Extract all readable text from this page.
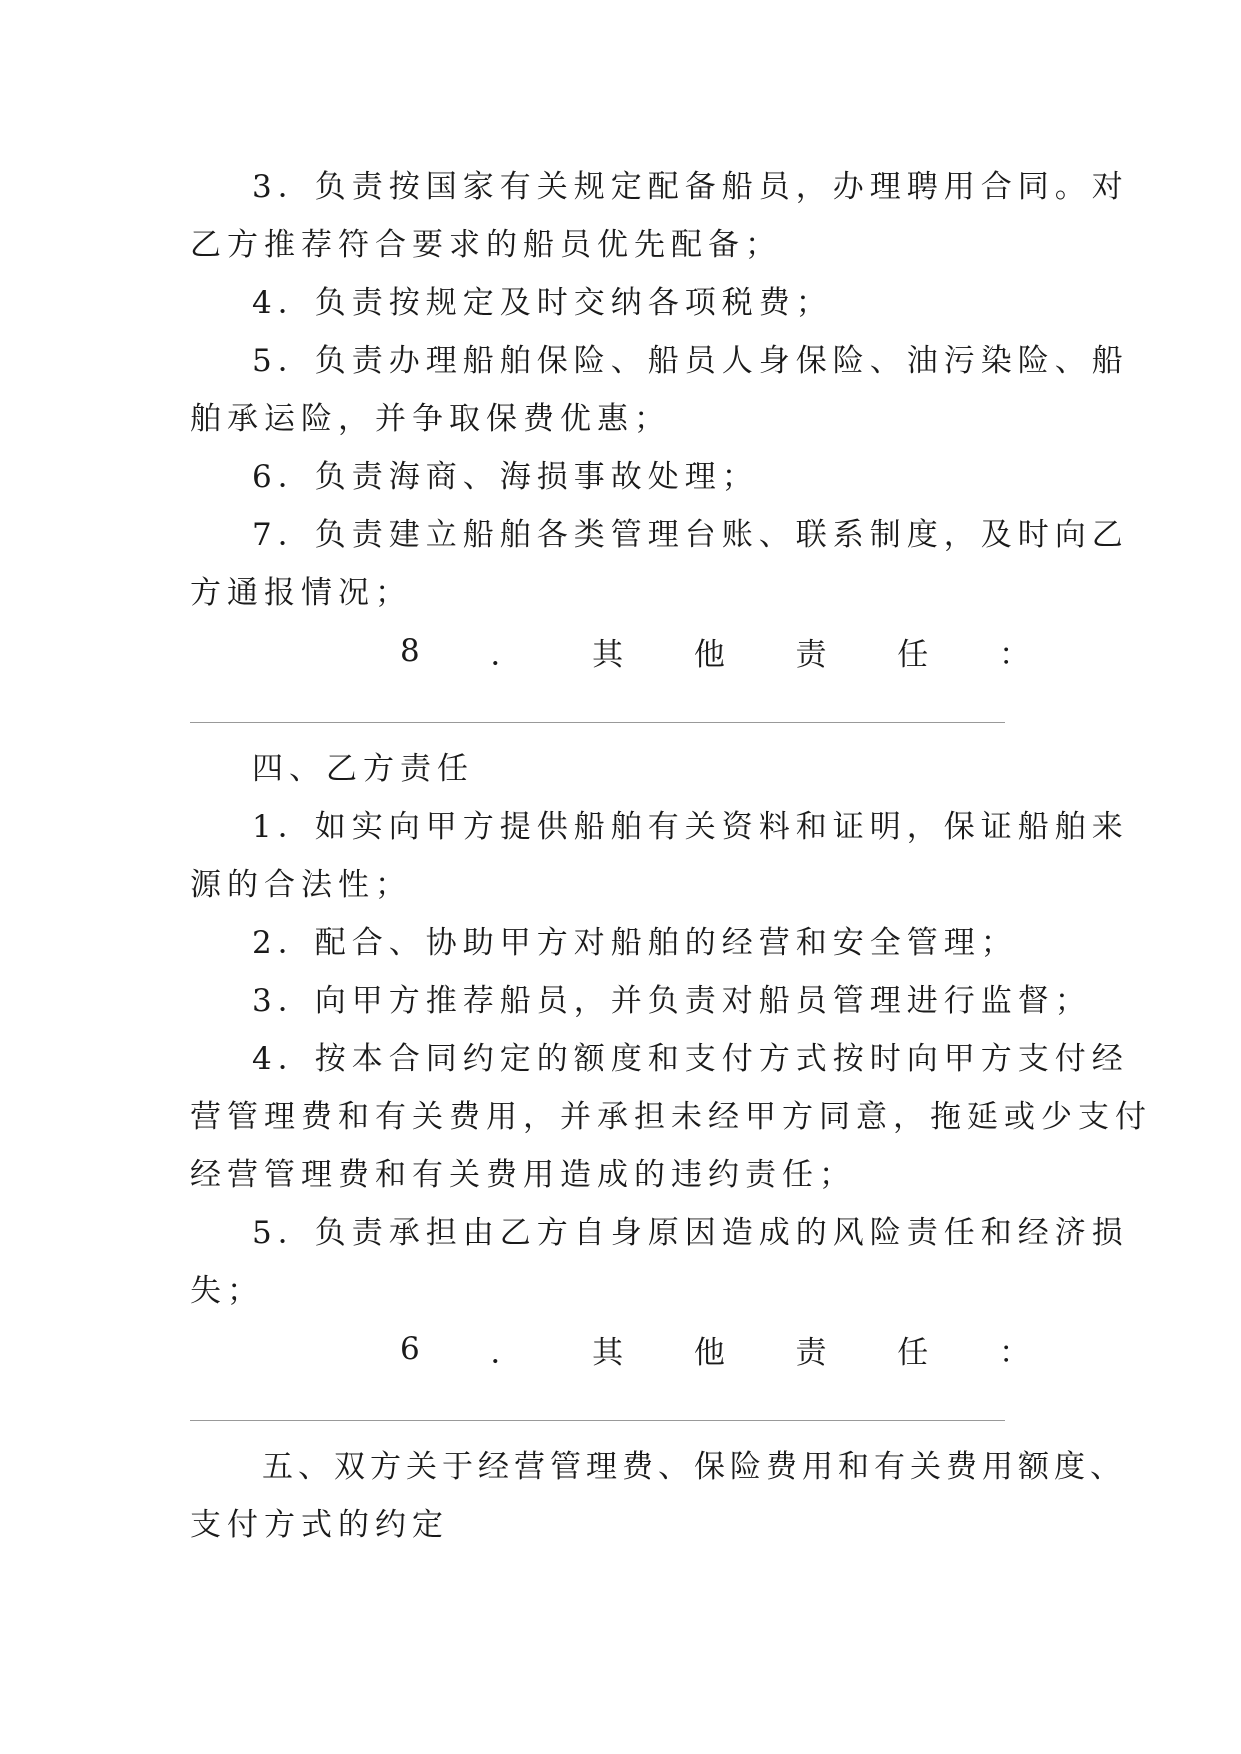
3．负责按国家有关规定配备船员，办理聘用合同。对
乙方推荐符合要求的船员优先配备；
4．负责按规定及时交纳各项税费；
5．负责办理船舶保险、船员人身保险、油污染险、船
舶承运险，并争取保费优惠；
6．负责海商、海损事故处理；
7．负责建立船舶各类管理台账、联系制度，及时向乙
方通报情况；
8 ． 其 他 责 任 ：
四、乙方责任
1．如实向甲方提供船舶有关资料和证明，保证船舶来
源的合法性；
2．配合、协助甲方对船舶的经营和安全管理；
3．向甲方推荐船员，并负责对船员管理进行监督；
4．按本合同约定的额度和支付方式按时向甲方支付经
营管理费和有关费用，并承担未经甲方同意，拖延或少支付
经营管理费和有关费用造成的违约责任；
5．负责承担由乙方自身原因造成的风险责任和经济损
失；
6 ． 其 他 责 任 ：
五、双方关于经营管理费、保险费用和有关费用额度、
支付方式的约定
